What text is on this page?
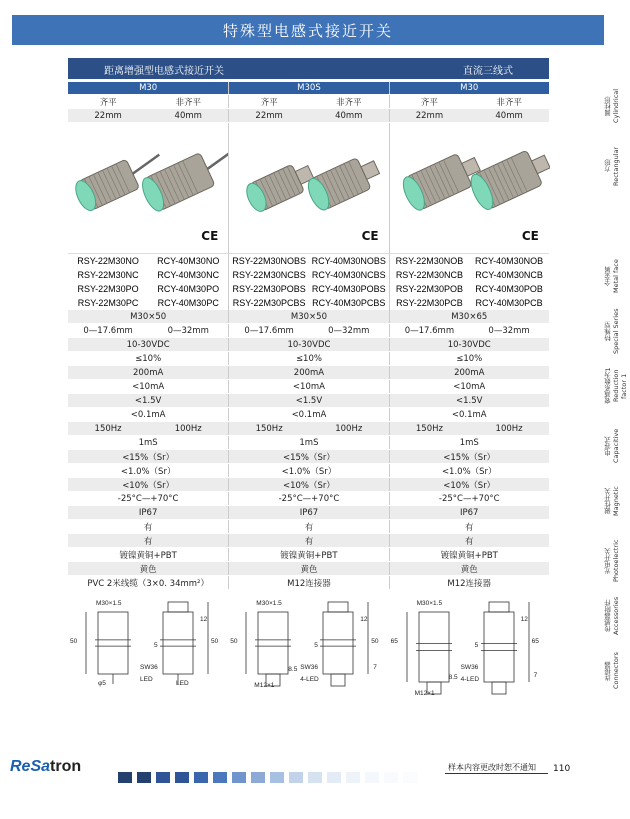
特殊型电感式接近开关
距离增强型电感式接近开关	直流三线式
M30	M30S	M30
齐平	非齐平	齐平	非齐平	齐平	非齐平
22mm	40mm	22mm	40mm	22mm	40mm
CE	CE	CE
RSY-22M30NO	RCY-40M30NO	RSY-22M30NOBS RCY-40M30NOBS	RSY-22M30NOB	RCY-40M30NOB
RSY-22M30NC	RCY-40M30NC	RSY-22M30NCBS RCY-40M30NCBS	RSY-22M30NCB	RCY-40M30NCB
RSY-22M30PO	RCY-40M30PO	RSY-22M30POBS RCY-40M30POBS	RSY-22M30POB	RCY-40M30POB
RSY-22M30PC	RCY-40M30PC	RSY-22M30PCBS RCY-40M30PCBS	RSY-22M30PCB	RCY-40M30PCB
M30×50	M30×50	M30×65
0—17.6mm	0—32mm	0—17.6mm	0—32mm	0—17.6mm	0—32mm
10-30VDC	10-30VDC	10-30VDC
≤10%	≤10%	≤10%
200mA	200mA	200mA
<10mA	<10mA	<10mA
<1.5V	<1.5V	<1.5V
<0.1mA	<0.1mA	<0.1mA
150Hz	100Hz	150Hz	100Hz	150Hz	100Hz
1mS	1mS	1mS
<15%（Sr）	<15%（Sr）	<15%（Sr）
<1.0%（Sr）	<1.0%（Sr）	<1.0%（Sr）
<10%（Sr）	<10%（Sr）	<10%（Sr）
-25°C—+70°C	-25°C—+70°C	-25°C—+70°C
IP67	IP67	IP67
有	有	有
有	有	有
镀镍黄铜+PBT	镀镍黄铜+PBT	镀镍黄铜+PBT
黄色	黄色	黄色
PVC 2米线缆（3×0. 34mm²）	M12连接器	M12连接器
M30×1.5
50	50
12
5
SW36
LED
LED
φ5
M30×1.5
50	50
12
5
SW36
4-LED
M12×1
7
8.5
M30×1.5
65	65
12
5
SW36
4-LED
M12×1
7
8.5
圆柱形
Cylindrical
方形
Rectangular
全金属
Metal face
特殊型
Special Series
衰减系数为1
Reduction factor 1
电容式
Capacitive
磁性开关
Magnetic
光电开关
Photoelectric
传感器附件
Accessories
连接器
Connectors
ReSatron	样本内容更改时恕不通知 110
